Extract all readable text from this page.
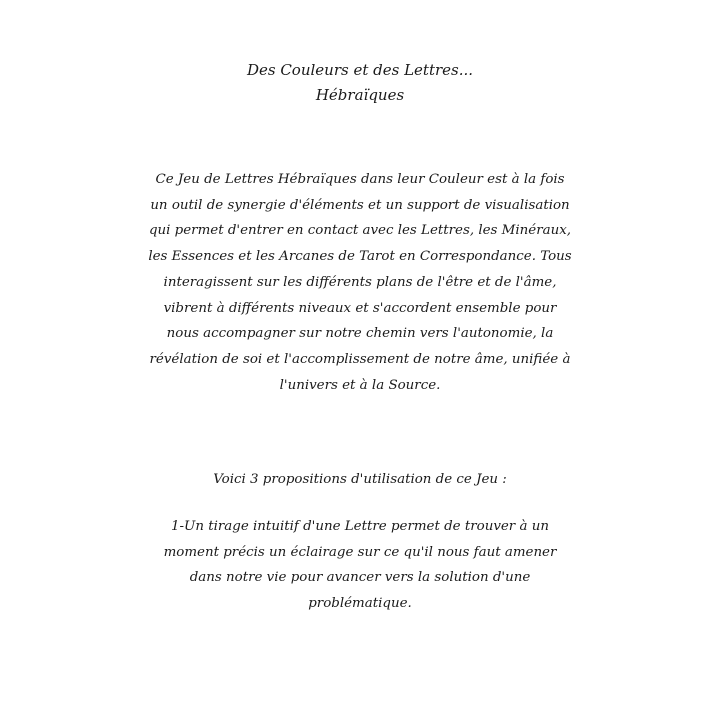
Des Couleurs et des Lettres...
Hébraïques
Ce Jeu de Lettres Hébraïques dans leur Couleur est à la fois
un outil de synergie d'éléments et un support de visualisation
qui permet d'entrer en contact avec les Lettres, les Minéraux,
les Essences et les Arcanes de Tarot en Correspondance. Tous
interagissent sur les différents plans de l'être et de l'âme,
vibrent à différents niveaux et s'accordent ensemble pour
nous accompagner sur notre chemin vers l'autonomie, la
révélation de soi et l'accomplissement de notre âme, unifiée à
l'univers et à la Source.
Voici 3 propositions d'utilisation de ce Jeu :
1-Un tirage intuitif d'une Lettre permet de trouver à un
moment précis un éclairage sur ce qu'il nous faut amener
dans notre vie pour avancer vers la solution d'une
problématique.
